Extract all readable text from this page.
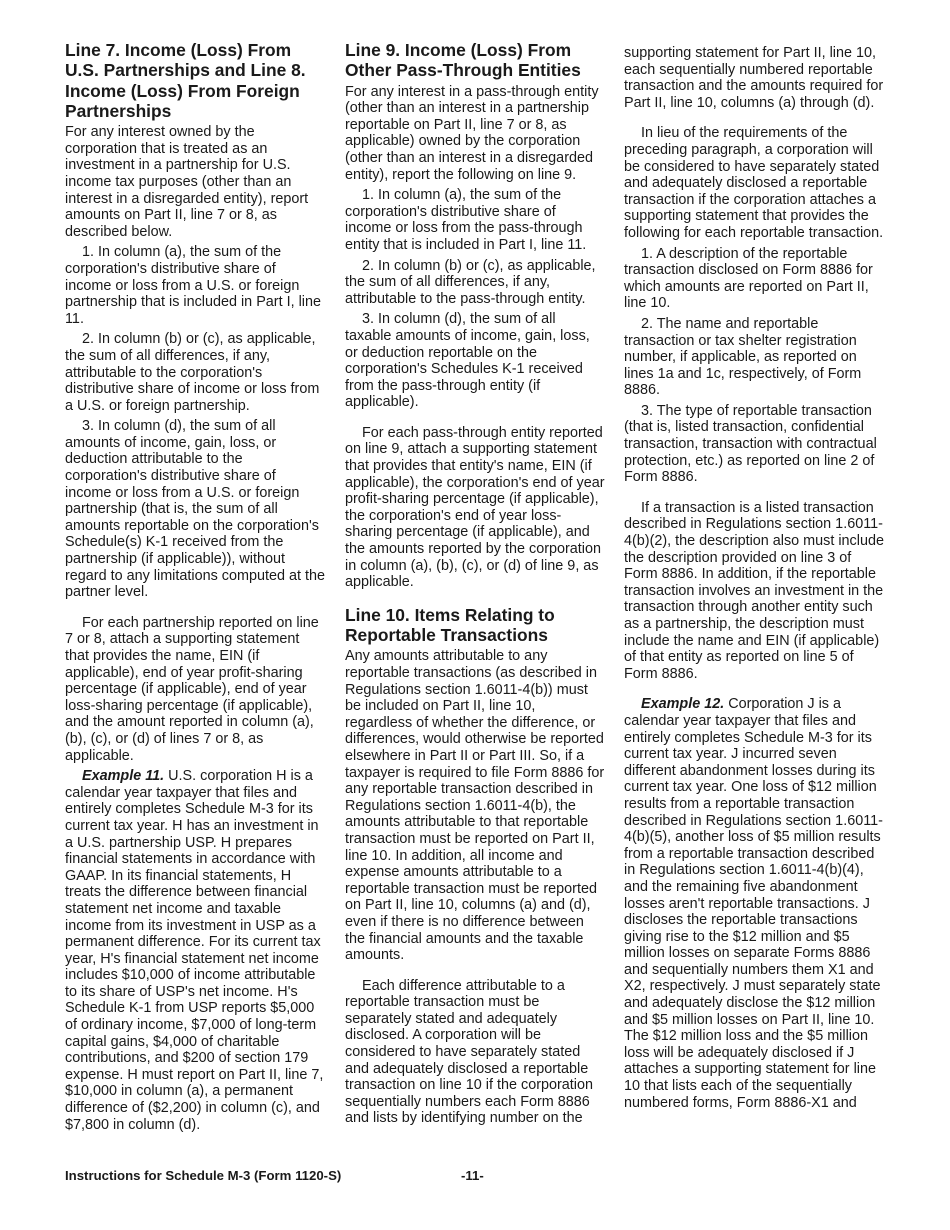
Line 7. Income (Loss) From U.S. Partnerships and Line 8. Income (Loss) From Foreign Partnerships

For any interest owned by the corporation that is treated as an investment in a partnership for U.S. income tax purposes (other than an interest in a disregarded entity), report amounts on Part II, line 7 or 8, as described below.

1. In column (a), the sum of the corporation's distributive share of income or loss from a U.S. or foreign partnership that is included in Part I, line 11.

2. In column (b) or (c), as applicable, the sum of all differences, if any, attributable to the corporation's distributive share of income or loss from a U.S. or foreign partnership.

3. In column (d), the sum of all amounts of income, gain, loss, or deduction attributable to the corporation's distributive share of income or loss from a U.S. or foreign partnership (that is, the sum of all amounts reportable on the corporation's Schedule(s) K-1 received from the partnership (if applicable)), without regard to any limitations computed at the partner level.

For each partnership reported on line 7 or 8, attach a supporting statement that provides the name, EIN (if applicable), end of year profit-sharing percentage (if applicable), end of year loss-sharing percentage (if applicable), and the amount reported in column (a), (b), (c), or (d) of lines 7 or 8, as applicable.

Example 11. U.S. corporation H is a calendar year taxpayer that files and entirely completes Schedule M-3 for its current tax year. H has an investment in a U.S. partnership USP. H prepares financial statements in accordance with GAAP. In its financial statements, H treats the difference between financial statement net income and taxable income from its investment in USP as a permanent difference. For its current tax year, H's financial statement net income includes $10,000 of income attributable to its share of USP's net income. H's Schedule K-1 from USP reports $5,000 of ordinary income, $7,000 of long-term capital gains, $4,000 of charitable contributions, and $200 of section 179 expense. H must report on Part II, line 7, $10,000 in column (a), a permanent difference of ($2,200) in column (c), and $7,800 in column (d).

Line 9. Income (Loss) From Other Pass-Through Entities

For any interest in a pass-through entity (other than an interest in a partnership reportable on Part II, line 7 or 8, as applicable) owned by the corporation (other than an interest in a disregarded entity), report the following on line 9.

1. In column (a), the sum of the corporation's distributive share of income or loss from the pass-through entity that is included in Part I, line 11.

2. In column (b) or (c), as applicable, the sum of all differences, if any, attributable to the pass-through entity.

3. In column (d), the sum of all taxable amounts of income, gain, loss, or deduction reportable on the corporation's Schedules K-1 received from the pass-through entity (if applicable).

For each pass-through entity reported on line 9, attach a supporting statement that provides that entity's name, EIN (if applicable), the corporation's end of year profit-sharing percentage (if applicable), the corporation's end of year loss-sharing percentage (if applicable), and the amounts reported by the corporation in column (a), (b), (c), or (d) of line 9, as applicable.

Line 10. Items Relating to Reportable Transactions

Any amounts attributable to any reportable transactions (as described in Regulations section 1.6011-4(b)) must be included on Part II, line 10, regardless of whether the difference, or differences, would otherwise be reported elsewhere in Part II or Part III. So, if a taxpayer is required to file Form 8886 for any reportable transaction described in Regulations section 1.6011-4(b), the amounts attributable to that reportable transaction must be reported on Part II, line 10. In addition, all income and expense amounts attributable to a reportable transaction must be reported on Part II, line 10, columns (a) and (d), even if there is no difference between the financial amounts and the taxable amounts.

Each difference attributable to a reportable transaction must be separately stated and adequately disclosed. A corporation will be considered to have separately stated and adequately disclosed a reportable transaction on line 10 if the corporation sequentially numbers each Form 8886 and lists by identifying number on the

supporting statement for Part II, line 10, each sequentially numbered reportable transaction and the amounts required for Part II, line 10, columns (a) through (d).

In lieu of the requirements of the preceding paragraph, a corporation will be considered to have separately stated and adequately disclosed a reportable transaction if the corporation attaches a supporting statement that provides the following for each reportable transaction.

1. A description of the reportable transaction disclosed on Form 8886 for which amounts are reported on Part II, line 10.

2. The name and reportable transaction or tax shelter registration number, if applicable, as reported on lines 1a and 1c, respectively, of Form 8886.

3. The type of reportable transaction (that is, listed transaction, confidential transaction, transaction with contractual protection, etc.) as reported on line 2 of Form 8886.

If a transaction is a listed transaction described in Regulations section 1.6011-4(b)(2), the description also must include the description provided on line 3 of Form 8886. In addition, if the reportable transaction involves an investment in the transaction through another entity such as a partnership, the description must include the name and EIN (if applicable) of that entity as reported on line 5 of Form 8886.

Example 12. Corporation J is a calendar year taxpayer that files and entirely completes Schedule M-3 for its current tax year. J incurred seven different abandonment losses during its current tax year. One loss of $12 million results from a reportable transaction described in Regulations section 1.6011-4(b)(5), another loss of $5 million results from a reportable transaction described in Regulations section 1.6011-4(b)(4), and the remaining five abandonment losses aren't reportable transactions. J discloses the reportable transactions giving rise to the $12 million and $5 million losses on separate Forms 8886 and sequentially numbers them X1 and X2, respectively. J must separately state and adequately disclose the $12 million and $5 million losses on Part II, line 10. The $12 million loss and the $5 million loss will be adequately disclosed if J attaches a supporting statement for line 10 that lists each of the sequentially numbered forms, Form 8886-X1 and

Instructions for Schedule M-3 (Form 1120-S)	-11-
